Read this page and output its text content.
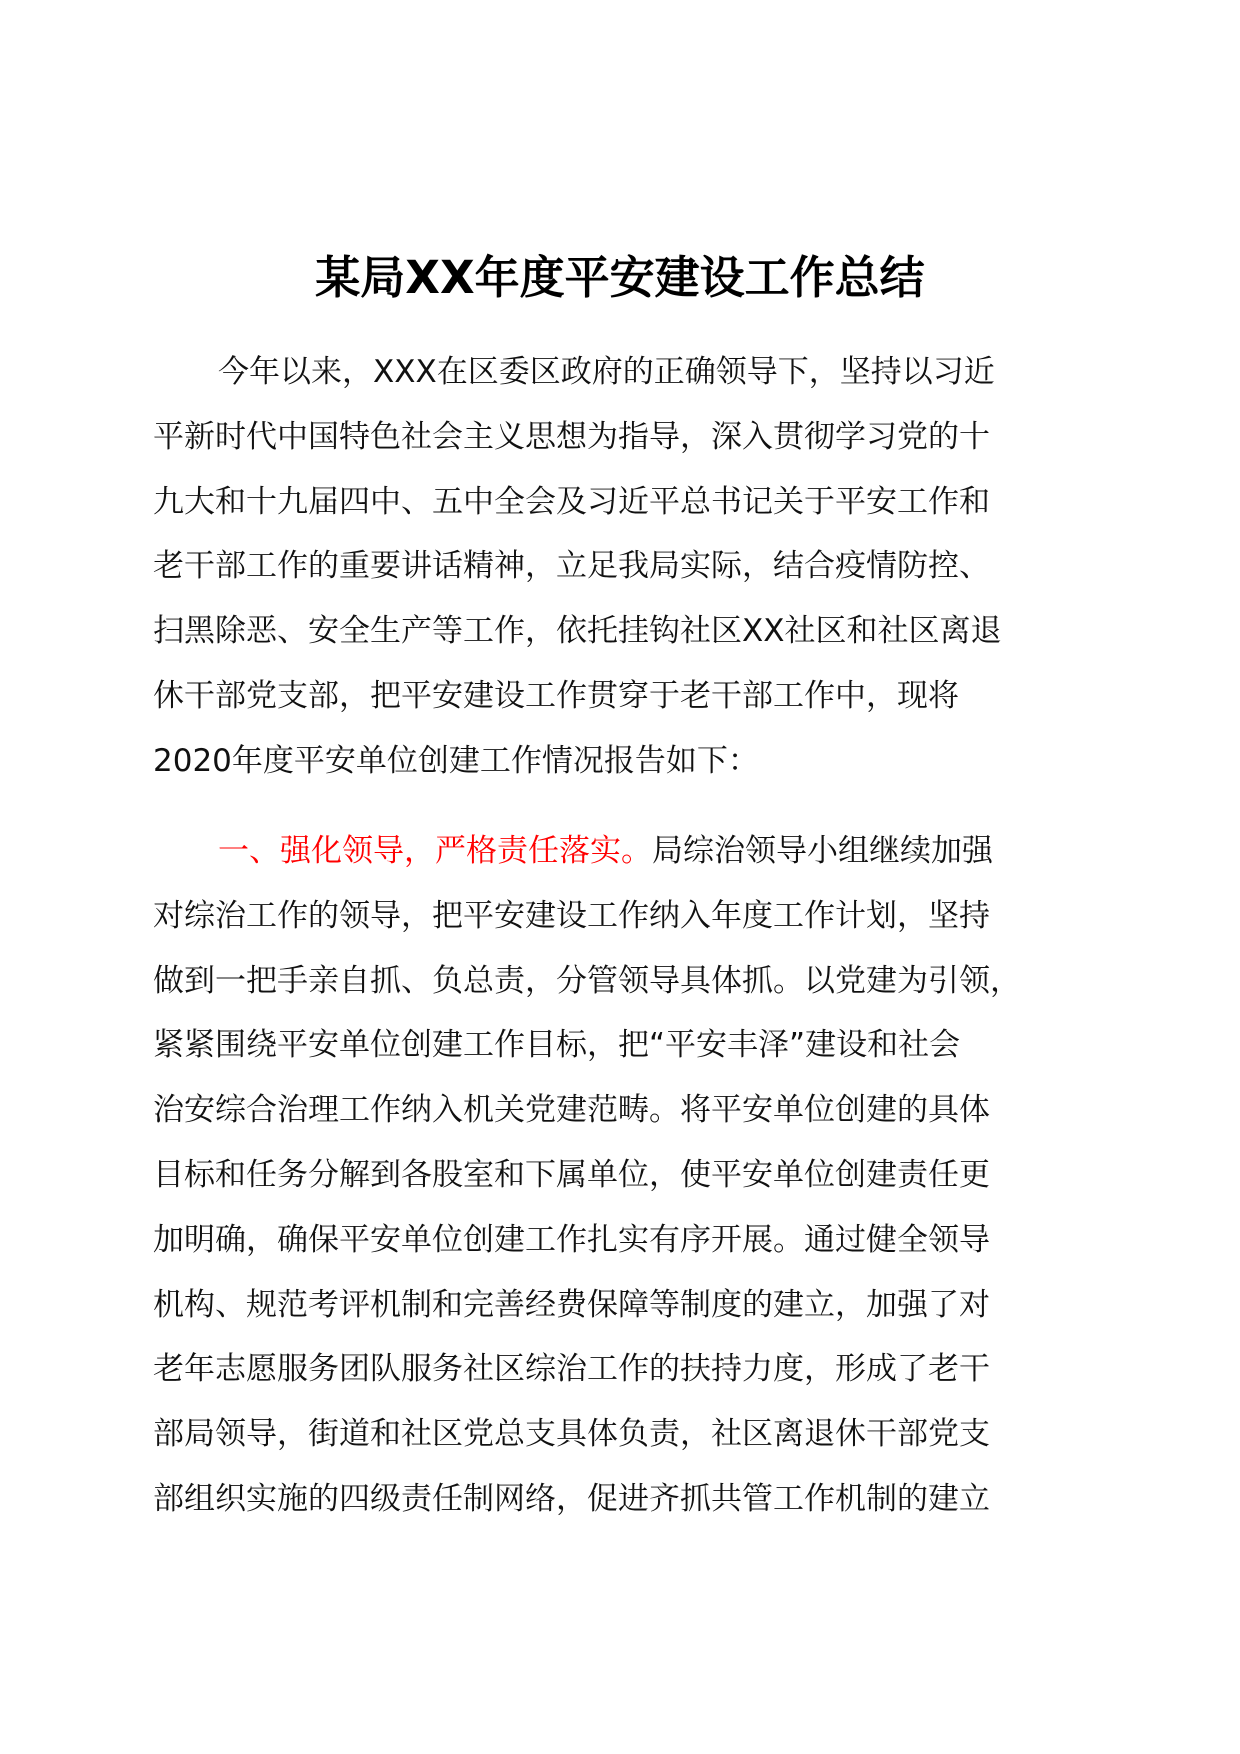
某局XX年度平安建设工作总结
今年以来，XXX在区委区政府的正确领导下，坚持以习近
平新时代中国特色社会主义思想为指导，深入贯彻学习党的十
九大和十九届四中、五中全会及习近平总书记关于平安工作和
老干部工作的重要讲话精神，立足我局实际，结合疫情防控、
扫黑除恶、安全生产等工作，依托挂钩社区XX社区和社区离退
休干部党支部，把平安建设工作贯穿于老干部工作中，现将
2020年度平安单位创建工作情况报告如下：
一、强化领导，严格责任落实。局综治领导小组继续加强
对综治工作的领导，把平安建设工作纳入年度工作计划，坚持
做到一把手亲自抓、负总责，分管领导具体抓。以党建为引领，
紧紧围绕平安单位创建工作目标，把“平安丰泽”建设和社会
治安综合治理工作纳入机关党建范畴。将平安单位创建的具体
目标和任务分解到各股室和下属单位，使平安单位创建责任更
加明确，确保平安单位创建工作扎实有序开展。通过健全领导
机构、规范考评机制和完善经费保障等制度的建立，加强了对
老年志愿服务团队服务社区综治工作的扶持力度，形成了老干
部局领导，街道和社区党总支具体负责，社区离退休干部党支
部组织实施的四级责任制网络，促进齐抓共管工作机制的建立
